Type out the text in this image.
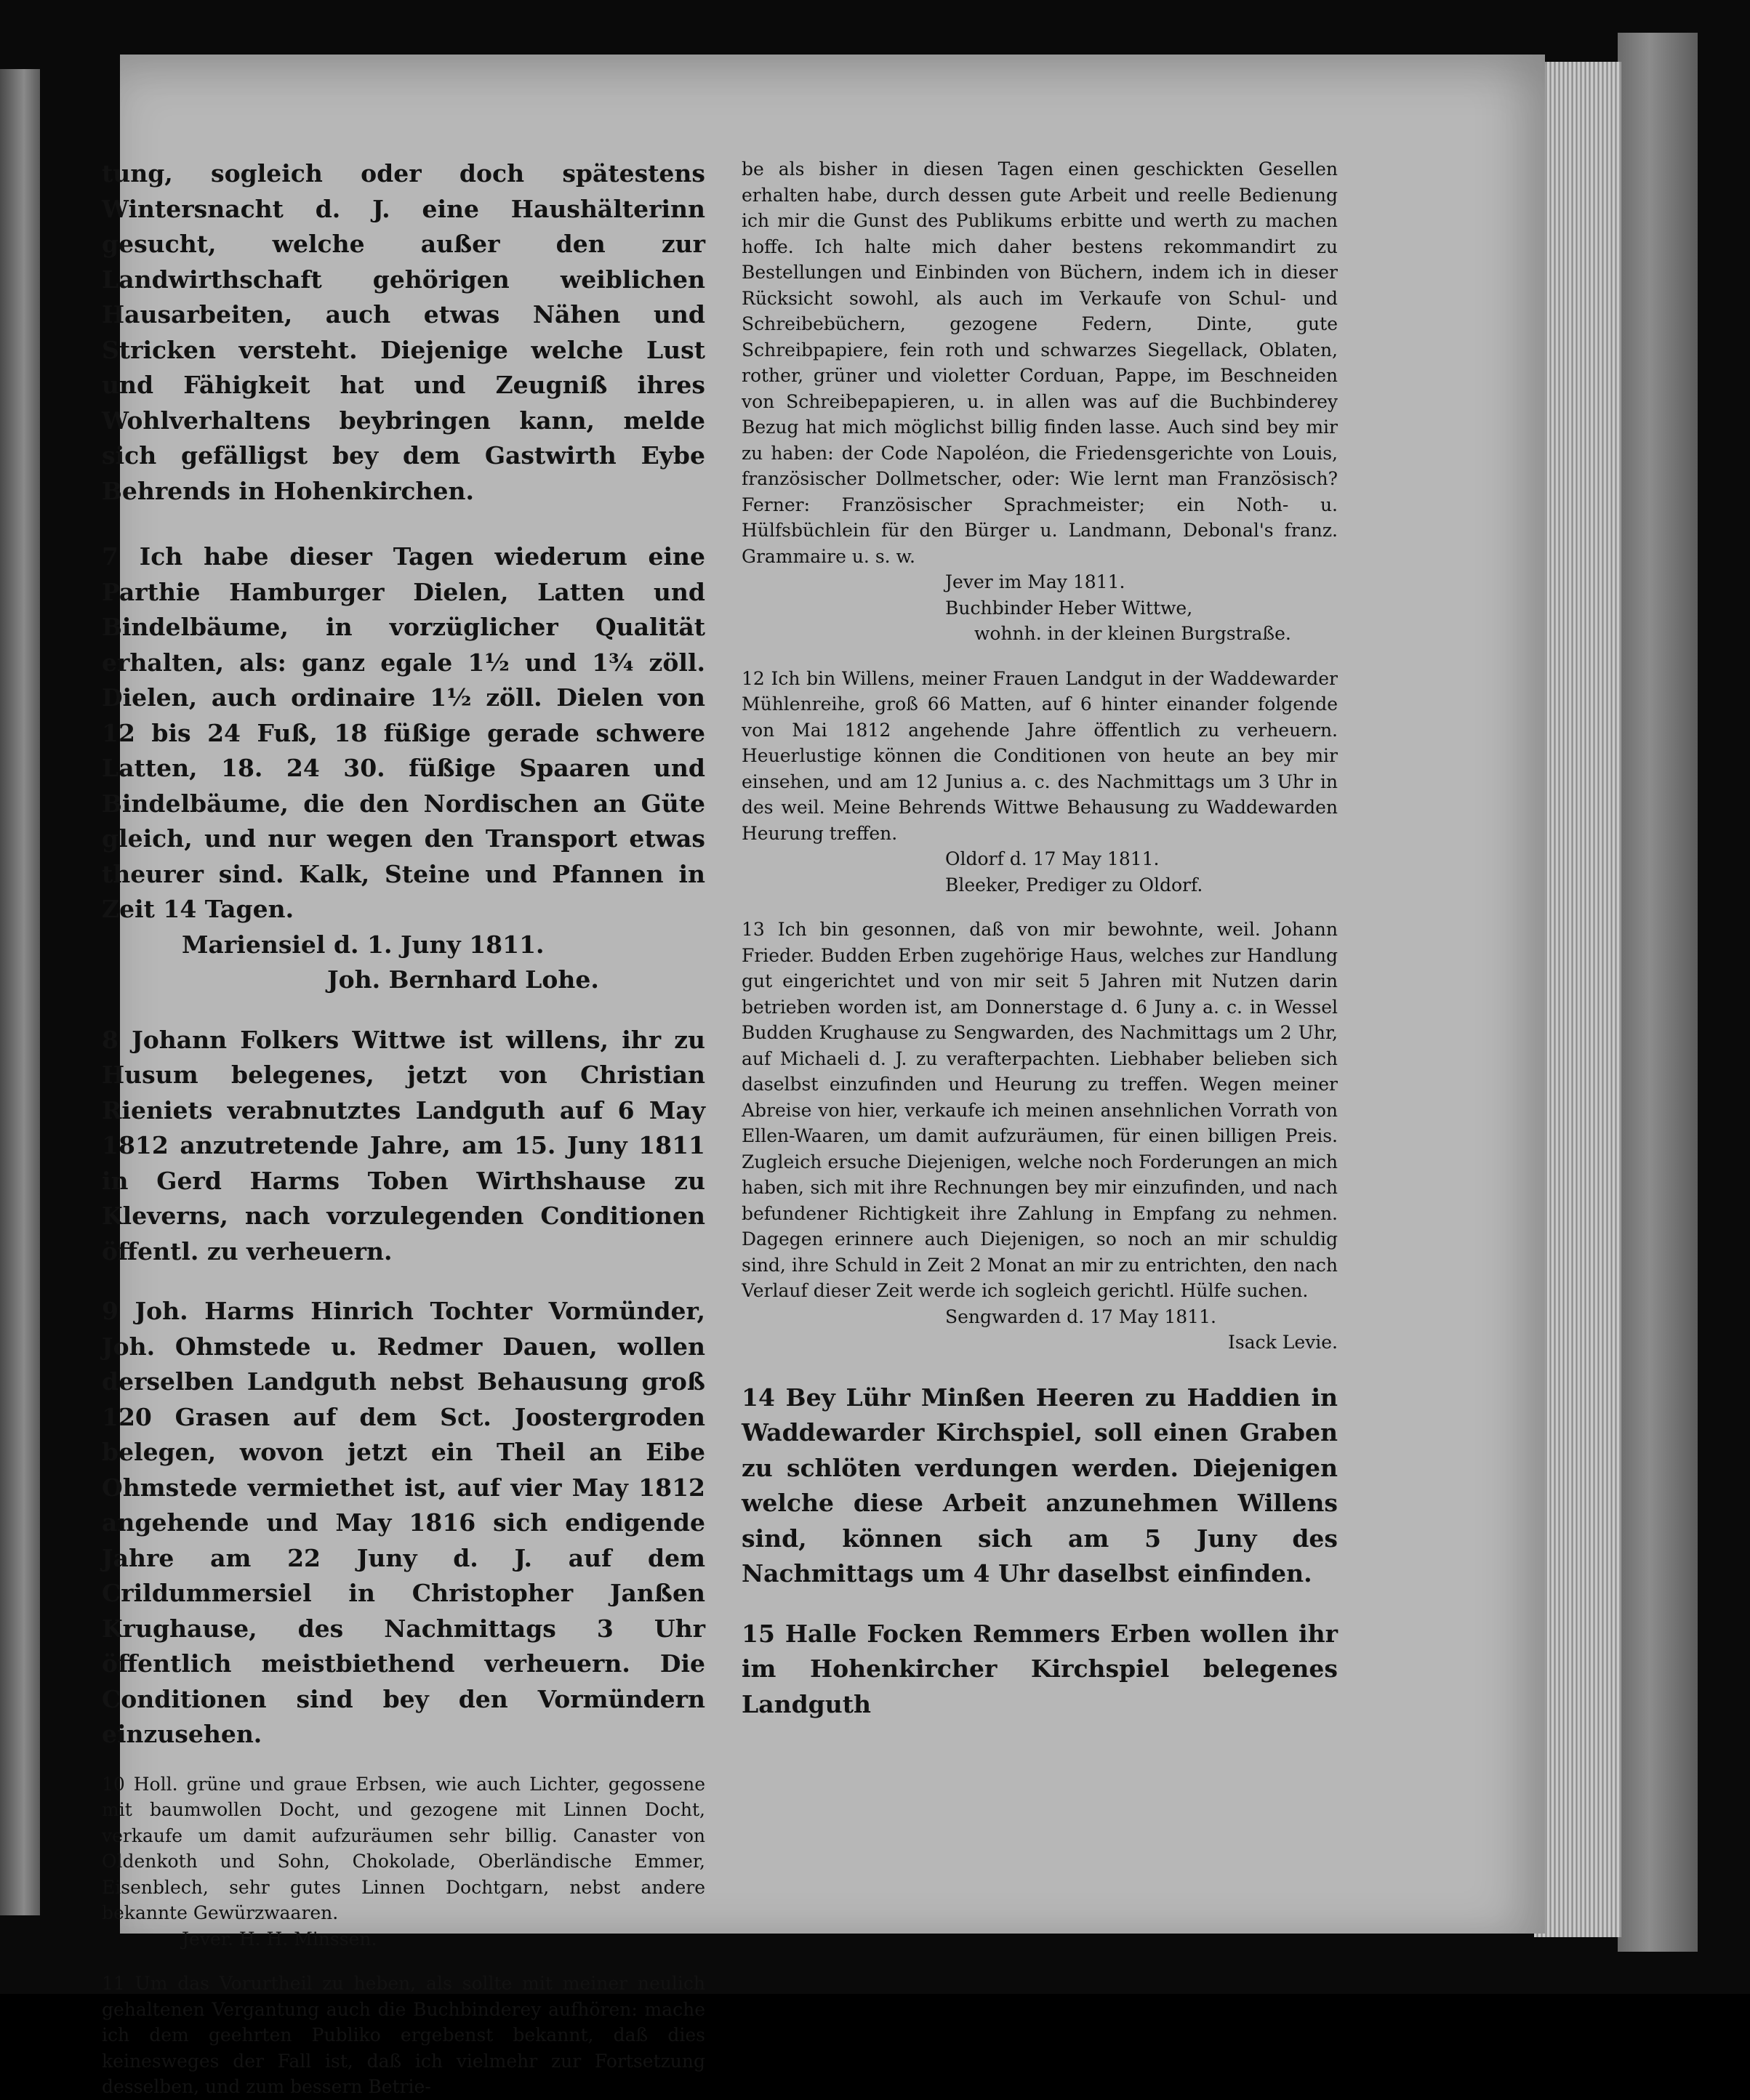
tung, sogleich oder doch spätestens Wintersnacht d. J. eine Haushälterinn gesucht, welche außer den zur Landwirthschaft gehörigen weiblichen Hausarbeiten, auch etwas Nähen und Stricken versteht. Diejenige welche Lust und Fähigkeit hat und Zeugniß ihres Wohlverhaltens beybringen kann, melde sich gefälligst bey dem Gastwirth Eybe Behrends in Hohenkirchen.

7 Ich habe dieser Tagen wiederum eine Parthie Hamburger Dielen, Latten und Bindelbäume, in vorzüglicher Qualität erhalten, als: ganz egale 1½ und 1¾ zöll. Dielen, auch ordinaire 1½ zöll. Dielen von 12 bis 24 Fuß, 18 füßige gerade schwere Latten, 18. 24 30. füßige Spaaren und Bindelbäume, die den Nordischen an Güte gleich, und nur wegen den Transport etwas theurer sind. Kalk, Steine und Pfannen in Zeit 14 Tagen.

Mariensiel d. 1. Juny 1811.
Joh. Bernhard Lohe.

8 Johann Folkers Wittwe ist willens, ihr zu Husum belegenes, jetzt von Christian Rieniets verabnutztes Landguth auf 6 May 1812 anzutretende Jahre, am 15. Juny 1811 in Gerd Harms Toben Wirthshause zu Kleverns, nach vorzulegenden Conditionen öffentl. zu verheuern.

9 Joh. Harms Hinrich Tochter Vormünder, Joh. Ohmstede u. Redmer Dauen, wollen derselben Landguth nebst Behausung groß 120 Grasen auf dem Sct. Joostergroden belegen, wovon jetzt ein Theil an Eibe Ohmstede vermiethet ist, auf vier May 1812 angehende und May 1816 sich endigende Jahre am 22 Juny d. J. auf dem Crildummersiel in Christopher Janßen Krughause, des Nachmittags 3 Uhr öffentlich meistbiethend verheuern. Die Conditionen sind bey den Vormündern einzusehen.

10 Holl. grüne und graue Erbsen, wie auch Lichter, gegossene mit baumwollen Docht, und gezogene mit Linnen Docht, verkaufe um damit aufzuräumen sehr billig. Canaster von Oldenkoth und Sohn, Chokolade, Oberländische Emmer, Eisenblech, sehr gutes Linnen Dochtgarn, nebst andere bekannte Gewürzwaaren.

Jever. H. H. Minssen.

11 Um das Vorurtheil zu heben, als sollte mit meiner neulich gehaltenen Vergantung auch die Buchbinderey aufhören: mache ich dem geehrten Publiko ergebenst bekannt, daß dies keinesweges der Fall ist, daß ich vielmehr zur Fortsetzung desselben, und zum bessern Betrie-

be als bisher in diesen Tagen einen geschickten Gesellen erhalten habe, durch dessen gute Arbeit und reelle Bedienung ich mir die Gunst des Publikums erbitte und werth zu machen hoffe. Ich halte mich daher bestens rekommandirt zu Bestellungen und Einbinden von Büchern, indem ich in dieser Rücksicht sowohl, als auch im Verkaufe von Schul- und Schreibebüchern, gezogene Federn, Dinte, gute Schreibpapiere, fein roth und schwarzes Siegellack, Oblaten, rother, grüner und violetter Corduan, Pappe, im Beschneiden von Schreibepapieren, u. in allen was auf die Buchbinderey Bezug hat mich möglichst billig finden lasse. Auch sind bey mir zu haben: der Code Napoléon, die Friedensgerichte von Louis, französischer Dollmetscher, oder: Wie lernt man Französisch? Ferner: Französischer Sprachmeister; ein Noth- u. Hülfsbüchlein für den Bürger u. Landmann, Debonal's franz. Grammaire u. s. w.

Jever im May 1811.
Buchbinder Heber Wittwe,
wohnh. in der kleinen Burgstraße.

12 Ich bin Willens, meiner Frauen Landgut in der Waddewarder Mühlenreihe, groß 66 Matten, auf 6 hinter einander folgende von Mai 1812 angehende Jahre öffentlich zu verheuern. Heuerlustige können die Conditionen von heute an bey mir einsehen, und am 12 Junius a. c. des Nachmittags um 3 Uhr in des weil. Meine Behrends Wittwe Behausung zu Waddewarden Heurung treffen.

Oldorf d. 17 May 1811.
Bleeker, Prediger zu Oldorf.

13 Ich bin gesonnen, daß von mir bewohnte, weil. Johann Frieder. Budden Erben zugehörige Haus, welches zur Handlung gut eingerichtet und von mir seit 5 Jahren mit Nutzen darin betrieben worden ist, am Donnerstage d. 6 Juny a. c. in Wessel Budden Krughause zu Sengwarden, des Nachmittags um 2 Uhr, auf Michaeli d. J. zu verafterpachten. Liebhaber belieben sich daselbst einzufinden und Heurung zu treffen. Wegen meiner Abreise von hier, verkaufe ich meinen ansehnlichen Vorrath von Ellen-Waaren, um damit aufzuräumen, für einen billigen Preis. Zugleich ersuche Diejenigen, welche noch Forderungen an mich haben, sich mit ihre Rechnungen bey mir einzufinden, und nach befundener Richtigkeit ihre Zahlung in Empfang zu nehmen. Dagegen erinnere auch Diejenigen, so noch an mir schuldig sind, ihre Schuld in Zeit 2 Monat an mir zu entrichten, den nach Verlauf dieser Zeit werde ich sogleich gerichtl. Hülfe suchen.

Sengwarden d. 17 May 1811.
Isack Levie.

14 Bey Lühr Minßen Heeren zu Haddien in Waddewarder Kirchspiel, soll einen Graben zu schlöten verdungen werden. Diejenigen welche diese Arbeit anzunehmen Willens sind, können sich am 5 Juny des Nachmittags um 4 Uhr daselbst einfinden.

15 Halle Focken Remmers Erben wollen ihr im Hohenkircher Kirchspiel belegenes Landguth
